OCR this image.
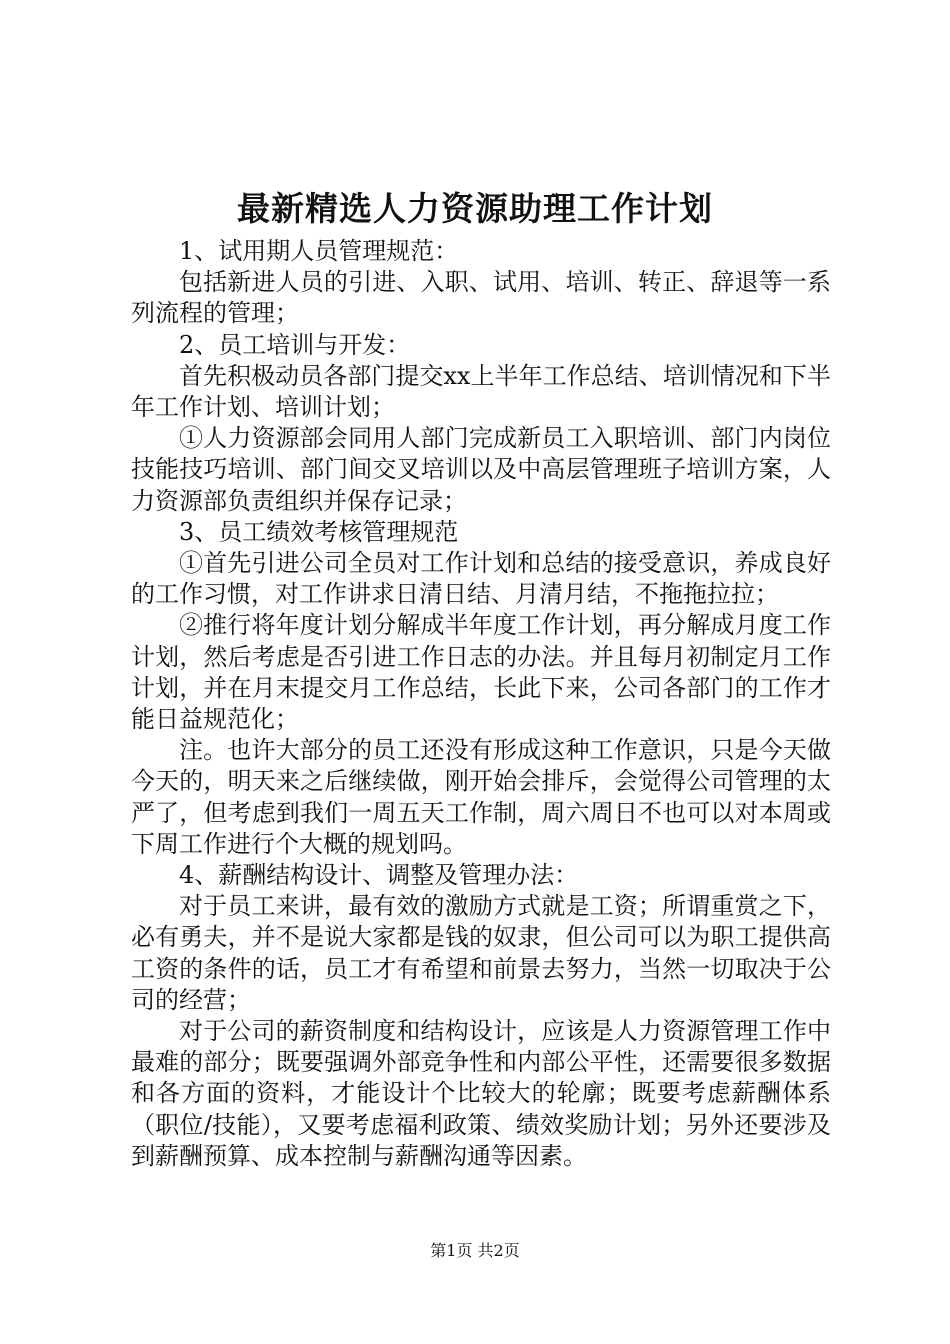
最新精选人力资源助理工作计划

1、试用期人员管理规范：

包括新进人员的引进、入职、试用、培训、转正、辞退等一系列流程的管理；

2、员工培训与开发：

首先积极动员各部门提交xx上半年工作总结、培训情况和下半年工作计划、培训计划；

①人力资源部会同用人部门完成新员工入职培训、部门内岗位技能技巧培训、部门间交叉培训以及中高层管理班子培训方案，人力资源部负责组织并保存记录；

3、员工绩效考核管理规范

①首先引进公司全员对工作计划和总结的接受意识，养成良好的工作习惯，对工作讲求日清日结、月清月结，不拖拖拉拉；

②推行将年度计划分解成半年度工作计划，再分解成月度工作计划，然后考虑是否引进工作日志的办法。并且每月初制定月工作计划，并在月末提交月工作总结，长此下来，公司各部门的工作才能日益规范化；

注。也许大部分的员工还没有形成这种工作意识，只是今天做今天的，明天来之后继续做，刚开始会排斥，会觉得公司管理的太严了，但考虑到我们一周五天工作制，周六周日不也可以对本周或下周工作进行个大概的规划吗。

4、薪酬结构设计、调整及管理办法：

对于员工来讲，最有效的激励方式就是工资；所谓重赏之下，必有勇夫，并不是说大家都是钱的奴隶，但公司可以为职工提供高工资的条件的话，员工才有希望和前景去努力，当然一切取决于公司的经营；

对于公司的薪资制度和结构设计，应该是人力资源管理工作中最难的部分；既要强调外部竞争性和内部公平性，还需要很多数据和各方面的资料，才能设计个比较大的轮廓；既要考虑薪酬体系（职位/技能），又要考虑福利政策、绩效奖励计划；另外还要涉及到薪酬预算、成本控制与薪酬沟通等因素。

第1页 共2页
